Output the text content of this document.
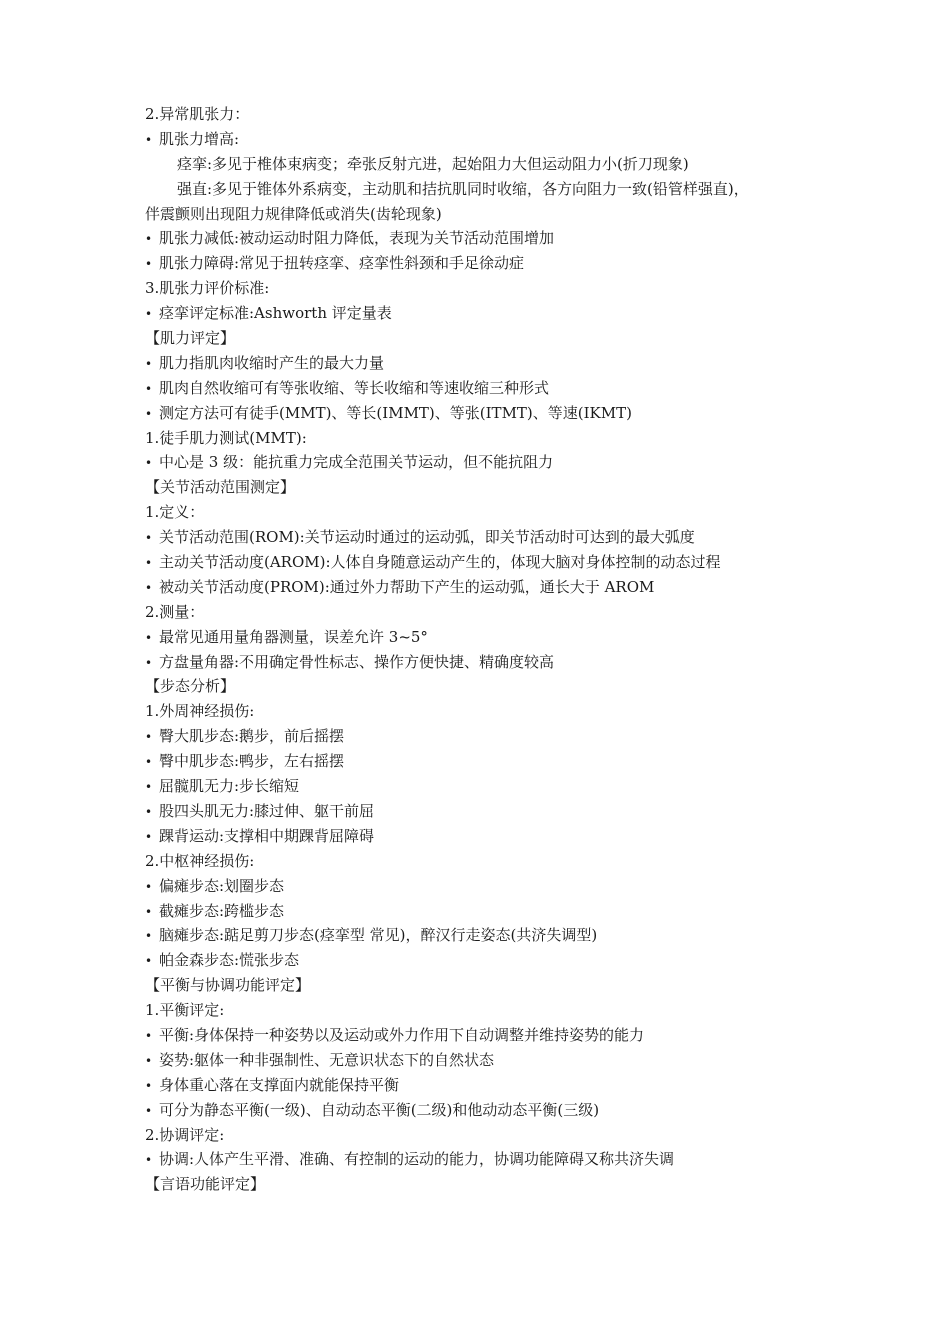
2.异常肌张力：
• 肌张力增高:
痉挛:多见于椎体束病变；牵张反射亢进，起始阻力大但运动阻力小(折刀现象)
强直:多见于锥体外系病变，主动肌和拮抗肌同时收缩，各方向阻力一致(铅管样强直)，
伴震颤则出现阻力规律降低或消失(齿轮现象)
• 肌张力减低:被动运动时阻力降低，表现为关节活动范围增加
• 肌张力障碍:常见于扭转痉挛、痉挛性斜颈和手足徐动症
3.肌张力评价标准:
• 痉挛评定标准:Ashworth 评定量表
【肌力评定】
• 肌力指肌肉收缩时产生的最大力量
• 肌肉自然收缩可有等张收缩、等长收缩和等速收缩三种形式
• 测定方法可有徒手(MMT)、等长(IMMT)、等张(ITMT)、等速(IKMT)
1.徒手肌力测试(MMT):
• 中心是 3 级：能抗重力完成全范围关节运动，但不能抗阻力
【关节活动范围测定】
1.定义：
• 关节活动范围(ROM):关节运动时通过的运动弧，即关节活动时可达到的最大弧度
• 主动关节活动度(AROM):人体自身随意运动产生的，体现大脑对身体控制的动态过程
• 被动关节活动度(PROM):通过外力帮助下产生的运动弧，通长大于 AROM
2.测量：
• 最常见通用量角器测量，误差允许 3~5°
• 方盘量角器:不用确定骨性标志、操作方便快捷、精确度较高
【步态分析】
1.外周神经损伤:
• 臀大肌步态:鹅步，前后摇摆
• 臀中肌步态:鸭步，左右摇摆
• 屈髋肌无力:步长缩短
• 股四头肌无力:膝过伸、躯干前屈
• 踝背运动:支撑相中期踝背屈障碍
2.中枢神经损伤:
• 偏瘫步态:划圈步态
• 截瘫步态:跨槛步态
• 脑瘫步态:踮足剪刀步态(痉挛型 常见)，醉汉行走姿态(共济失调型)
• 帕金森步态:慌张步态
【平衡与协调功能评定】
1.平衡评定:
• 平衡:身体保持一种姿势以及运动或外力作用下自动调整并维持姿势的能力
• 姿势:躯体一种非强制性、无意识状态下的自然状态
• 身体重心落在支撑面内就能保持平衡
• 可分为静态平衡(一级)、自动动态平衡(二级)和他动动态平衡(三级)
2.协调评定:
• 协调:人体产生平滑、准确、有控制的运动的能力，协调功能障碍又称共济失调
【言语功能评定】
